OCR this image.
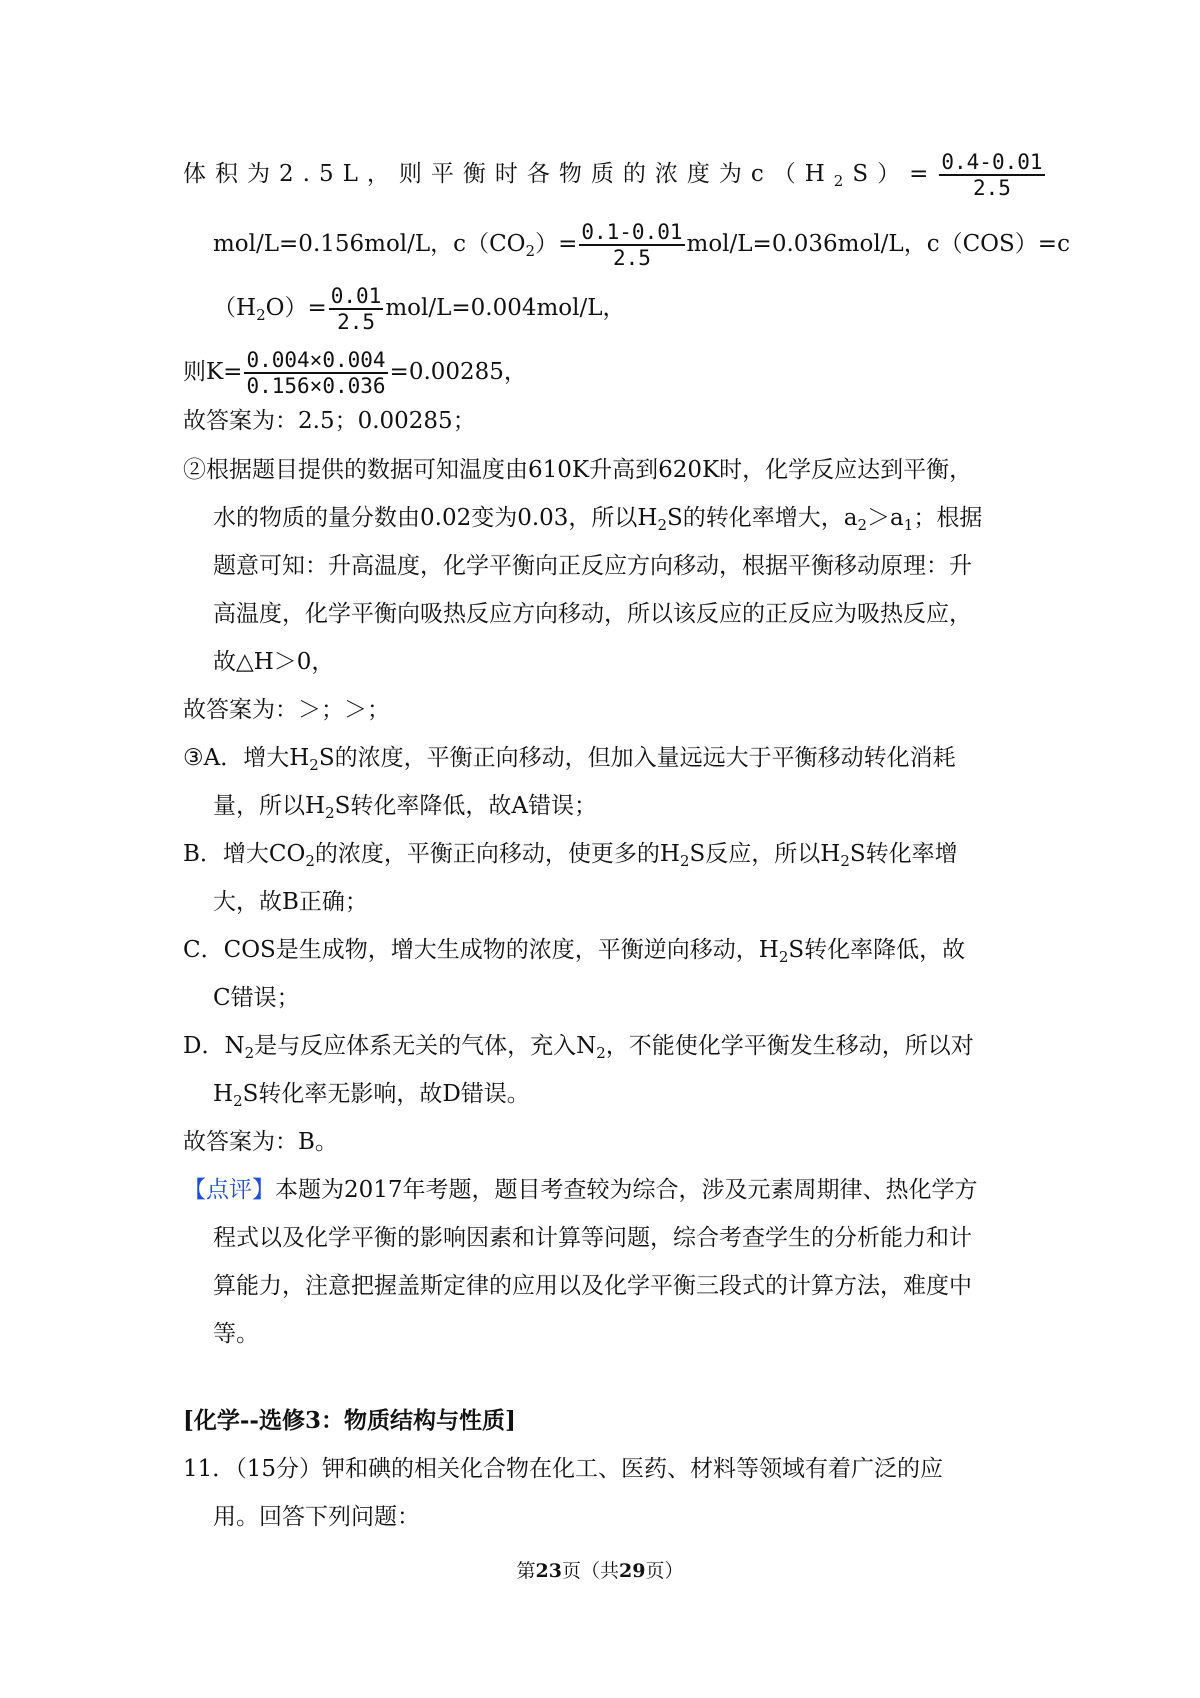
体积为2.5L，则平衡时各物质的浓度为$c(H_2S)= \frac{0.4-0.01}{2.5}$
mol/L=0.156mol/L，$c(CO_2)= \frac{0.1-0.01}{2.5} mol/L=0.036mol/L$，c（COS）=c
$(H_2O)= \frac{0.01}{2.5} mol/L=0.004mol/L$，
则$K= \frac{0.004\times 0.004}{0.156\times 0.036} =0.00285$，
故答案为：2.5；0.00285；
②根据题目提供的数据可知温度由610K升高到620K时，化学反应达到平衡，
水的物质的量分数由0.02变为0.03，所以$H_2S$的转化率增大，$a_2>a_1$；根据
题意可知：升高温度，化学平衡向正反应方向移动，根据平衡移动原理：升
高温度，化学平衡向吸热反应方向移动，所以该反应的正反应为吸热反应，
故△H＞0，
故答案为：＞；＞；
③A．增大$H_2S$的浓度，平衡正向移动，但加入量远远大于平衡移动转化消耗
量，所以$H_2S$转化率降低，故A错误；
B．增大$CO_2$的浓度，平衡正向移动，使更多的$H_2S$反应，所以$H_2S$转化率增
大，故B正确；
C．COS是生成物，增大生成物的浓度，平衡逆向移动，$H_2S$转化率降低，故
C错误；
D．$N_2$是与反应体系无关的气体，充入$N_2$，不能使化学平衡发生移动，所以对
$H_2S$转化率无影响，故D错误。
故答案为：B。
【点评】本题为2017年考题，题目考查较为综合，涉及元素周期律、热化学方
程式以及化学平衡的影响因素和计算等问题，综合考查学生的分析能力和计
算能力，注意把握盖斯定律的应用以及化学平衡三段式的计算方法，难度中
等。
[化学--选修3：物质结构与性质]
11．（15分）钾和碘的相关化合物在化工、医药、材料等领域有着广泛的应
用。回答下列问题：
第23页（共29页）
